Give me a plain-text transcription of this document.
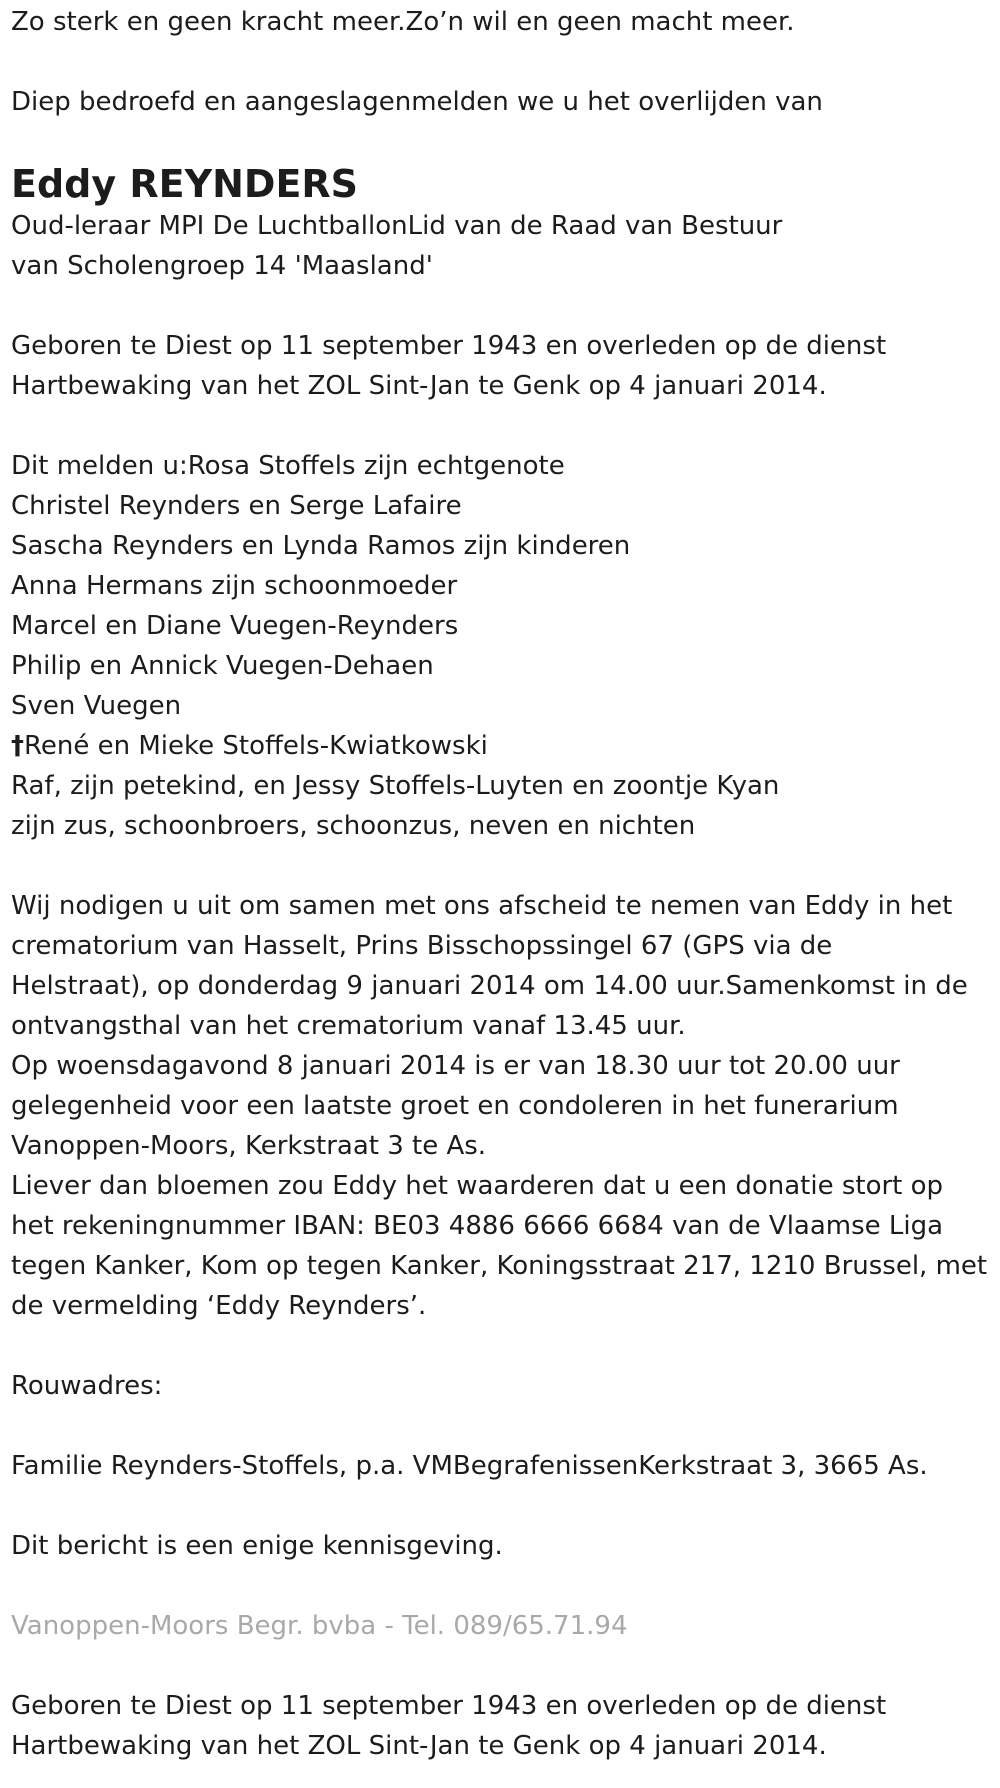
Zo sterk en geen kracht meer.Zo’n wil en geen macht meer.
Diep bedroefd en aangeslagenmelden we u het overlijden van
Eddy REYNDERS
Oud-leraar MPI De LuchtballonLid van de Raad van Bestuur
van Scholengroep 14 'Maasland'
Geboren te Diest op 11 september 1943 en overleden op de dienst
Hartbewaking van het ZOL Sint-Jan te Genk op 4 januari 2014.
Dit melden u:Rosa Stoffels zijn echtgenote
Christel Reynders en Serge Lafaire
Sascha Reynders en Lynda Ramos zijn kinderen
Anna Hermans zijn schoonmoeder
Marcel en Diane Vuegen-Reynders
Philip en Annick Vuegen-Dehaen
Sven Vuegen
†René en Mieke Stoffels-Kwiatkowski
Raf, zijn petekind, en Jessy Stoffels-Luyten en zoontje Kyan
zijn zus, schoonbroers, schoonzus, neven en nichten
Wij nodigen u uit om samen met ons afscheid te nemen van Eddy in het
crematorium van Hasselt, Prins Bisschopssingel 67 (GPS via de
Helstraat), op donderdag 9 januari 2014 om 14.00 uur.Samenkomst in de
ontvangsthal van het crematorium vanaf 13.45 uur.
Op woensdagavond 8 januari 2014 is er van 18.30 uur tot 20.00 uur
gelegenheid voor een laatste groet en condoleren in het funerarium
Vanoppen-Moors, Kerkstraat 3 te As.
Liever dan bloemen zou Eddy het waarderen dat u een donatie stort op
het rekeningnummer IBAN: BE03 4886 6666 6684 van de Vlaamse Liga
tegen Kanker, Kom op tegen Kanker, Koningsstraat 217, 1210 Brussel, met
de vermelding ‘Eddy Reynders’.
Rouwadres:
Familie Reynders-Stoffels, p.a. VMBegrafenissenKerkstraat 3, 3665 As.
Dit bericht is een enige kennisgeving.
Vanoppen-Moors Begr. bvba - Tel. 089/65.71.94
Geboren te Diest op 11 september 1943 en overleden op de dienst
Hartbewaking van het ZOL Sint-Jan te Genk op 4 januari 2014.
